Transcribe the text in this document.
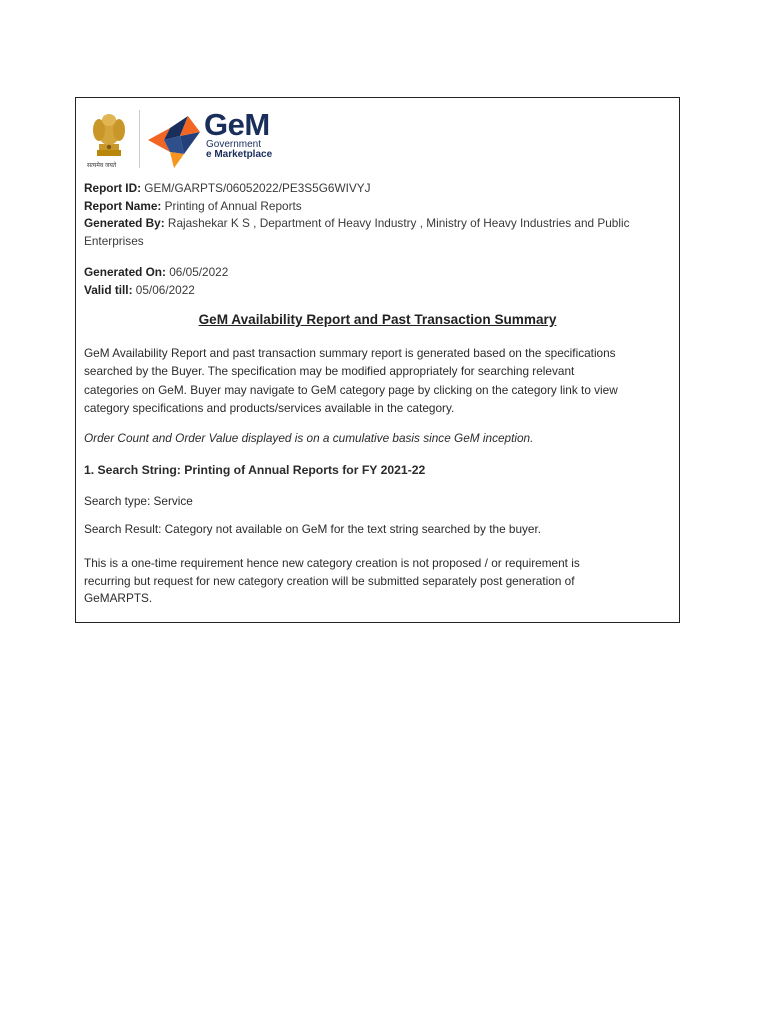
सत्यमेव जयते
GeM
Government
e Marketplace

Report ID: GEM/GARPTS/06052022/PE3S5G6WIVYJ

Report Name: Printing of Annual Reports

Generated By: Rajashekar K S , Department of Heavy Industry , Ministry of Heavy Industries and Public

Enterprises

Generated On: 06/05/2022

Valid till: 05/06/2022

GeM Availability Report and Past Transaction Summary

GeM Availability Report and past transaction summary report is generated based on the specifications

searched by the Buyer. The specification may be modified appropriately for searching relevant

categories on GeM. Buyer may navigate to GeM category page by clicking on the category link to view

category specifications and products/services available in the category.

Order Count and Order Value displayed is on a cumulative basis since GeM inception.
1. Search String: Printing of Annual Reports for FY 2021-22
Search type: Service
Search Result: Category not available on GeM for the text string searched by the buyer.

This is a one-time requirement hence new category creation is not proposed / or requirement is

recurring but request for new category creation will be submitted separately post generation of

GeMARPTS.
